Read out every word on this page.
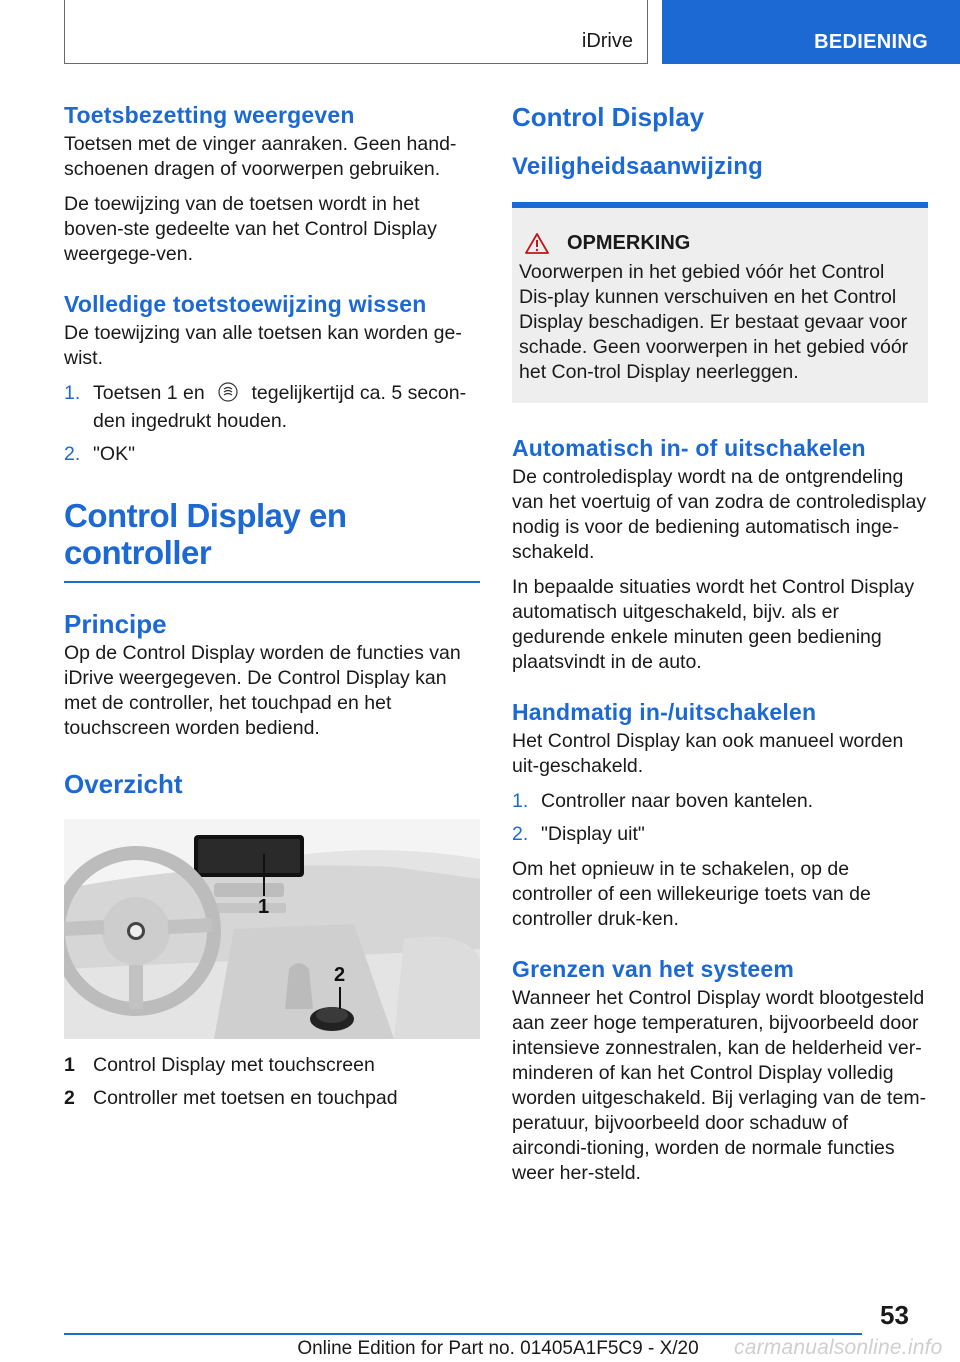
iDrive	BEDIENING
Toetsbezetting weergeven

Toetsen met de vinger aanraken. Geen hand-schoenen dragen of voorwerpen gebruiken.

De toewijzing van de toetsen wordt in het boven-ste gedeelte van het Control Display weergege-ven.

Volledige toetstoewijzing wissen

De toewijzing van alle toetsen kan worden ge-wist.

1. Toetsen 1 en tegelijkertijd ca. 5 secon-den ingedrukt houden.
2. "OK"
Control Display en controller
Principe

Op de Control Display worden de functies van iDrive weergegeven. De Control Display kan met de controller, het touchpad en het touchscreen worden bediend.

Overzicht
1
2
1 Control Display met touchscreen
2 Controller met toetsen en touchpad
Control Display
Veiligheidsaanwijzing
OPMERKING

Voorwerpen in het gebied vóór het Control Dis-play kunnen verschuiven en het Control Display beschadigen. Er bestaat gevaar voor schade. Geen voorwerpen in het gebied vóór het Con-trol Display neerleggen.

Automatisch in- of uitschakelen

De controledisplay wordt na de ontgrendeling van het voertuig of van zodra de controledisplay nodig is voor de bediening automatisch inge-schakeld.

In bepaalde situaties wordt het Control Display automatisch uitgeschakeld, bijv. als er gedurende enkele minuten geen bediening plaatsvindt in de auto.

Handmatig in-/uitschakelen

Het Control Display kan ook manueel worden uit-geschakeld.

1. Controller naar boven kantelen.
2. "Display uit"

Om het opnieuw in te schakelen, op de controller of een willekeurige toets van de controller druk-ken.

Grenzen van het systeem

Wanneer het Control Display wordt blootgesteld aan zeer hoge temperaturen, bijvoorbeeld door intensieve zonnestralen, kan de helderheid ver-minderen of kan het Control Display volledig worden uitgeschakeld. Bij verlaging van de tem-peratuur, bijvoorbeeld door schaduw of aircondi-tioning, worden de normale functies weer her-steld.

53
Online Edition for Part no. 01405A1F5C9 - X/20	carmanualsonline.info
